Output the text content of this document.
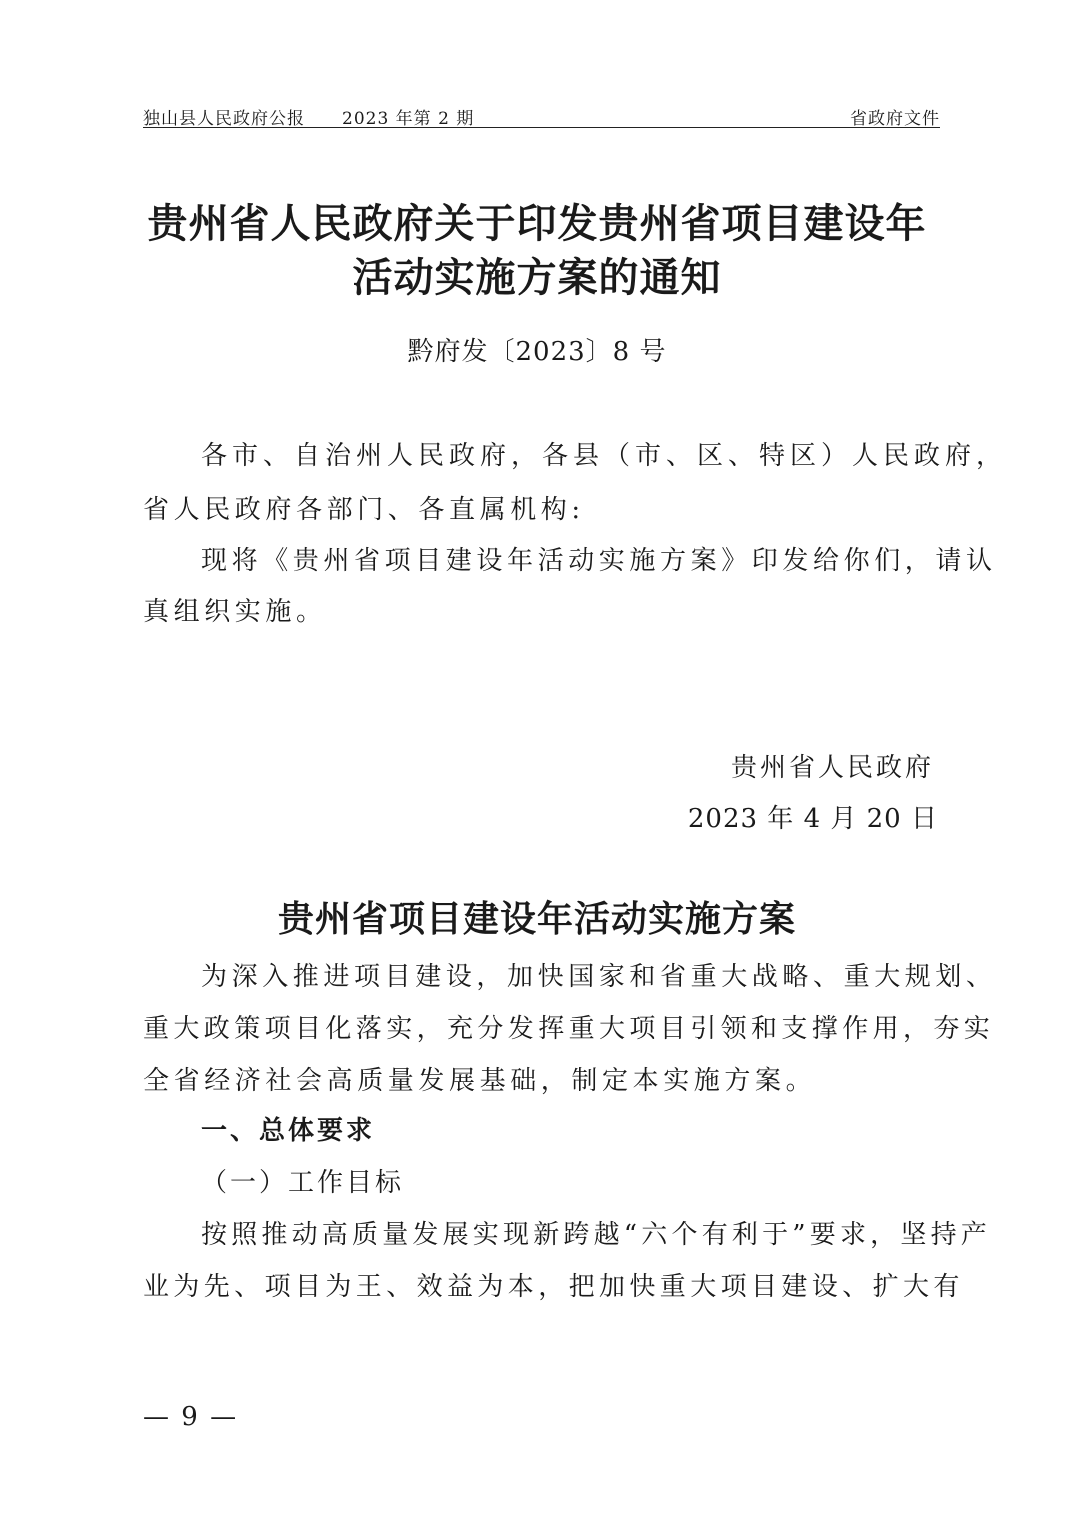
独山县人民政府公报 2023 年第 2 期	省政府文件
贵州省人民政府关于印发贵州省项目建设年
活动实施方案的通知
黔府发〔2023〕8 号
各市、自治州人民政府，各县（市、区、特区）人民政府，
省人民政府各部门、各直属机构:
现将《贵州省项目建设年活动实施方案》印发给你们，请认
真组织实施。
贵州省人民政府
2023 年 4 月 20 日
贵州省项目建设年活动实施方案
为深入推进项目建设，加快国家和省重大战略、重大规划、
重大政策项目化落实，充分发挥重大项目引领和支撑作用，夯实
全省经济社会高质量发展基础，制定本实施方案。
一、总体要求
（一）工作目标
按照推动高质量发展实现新跨越“六个有利于”要求，坚持产
业为先、项目为王、效益为本，把加快重大项目建设、扩大有
— 9 —
